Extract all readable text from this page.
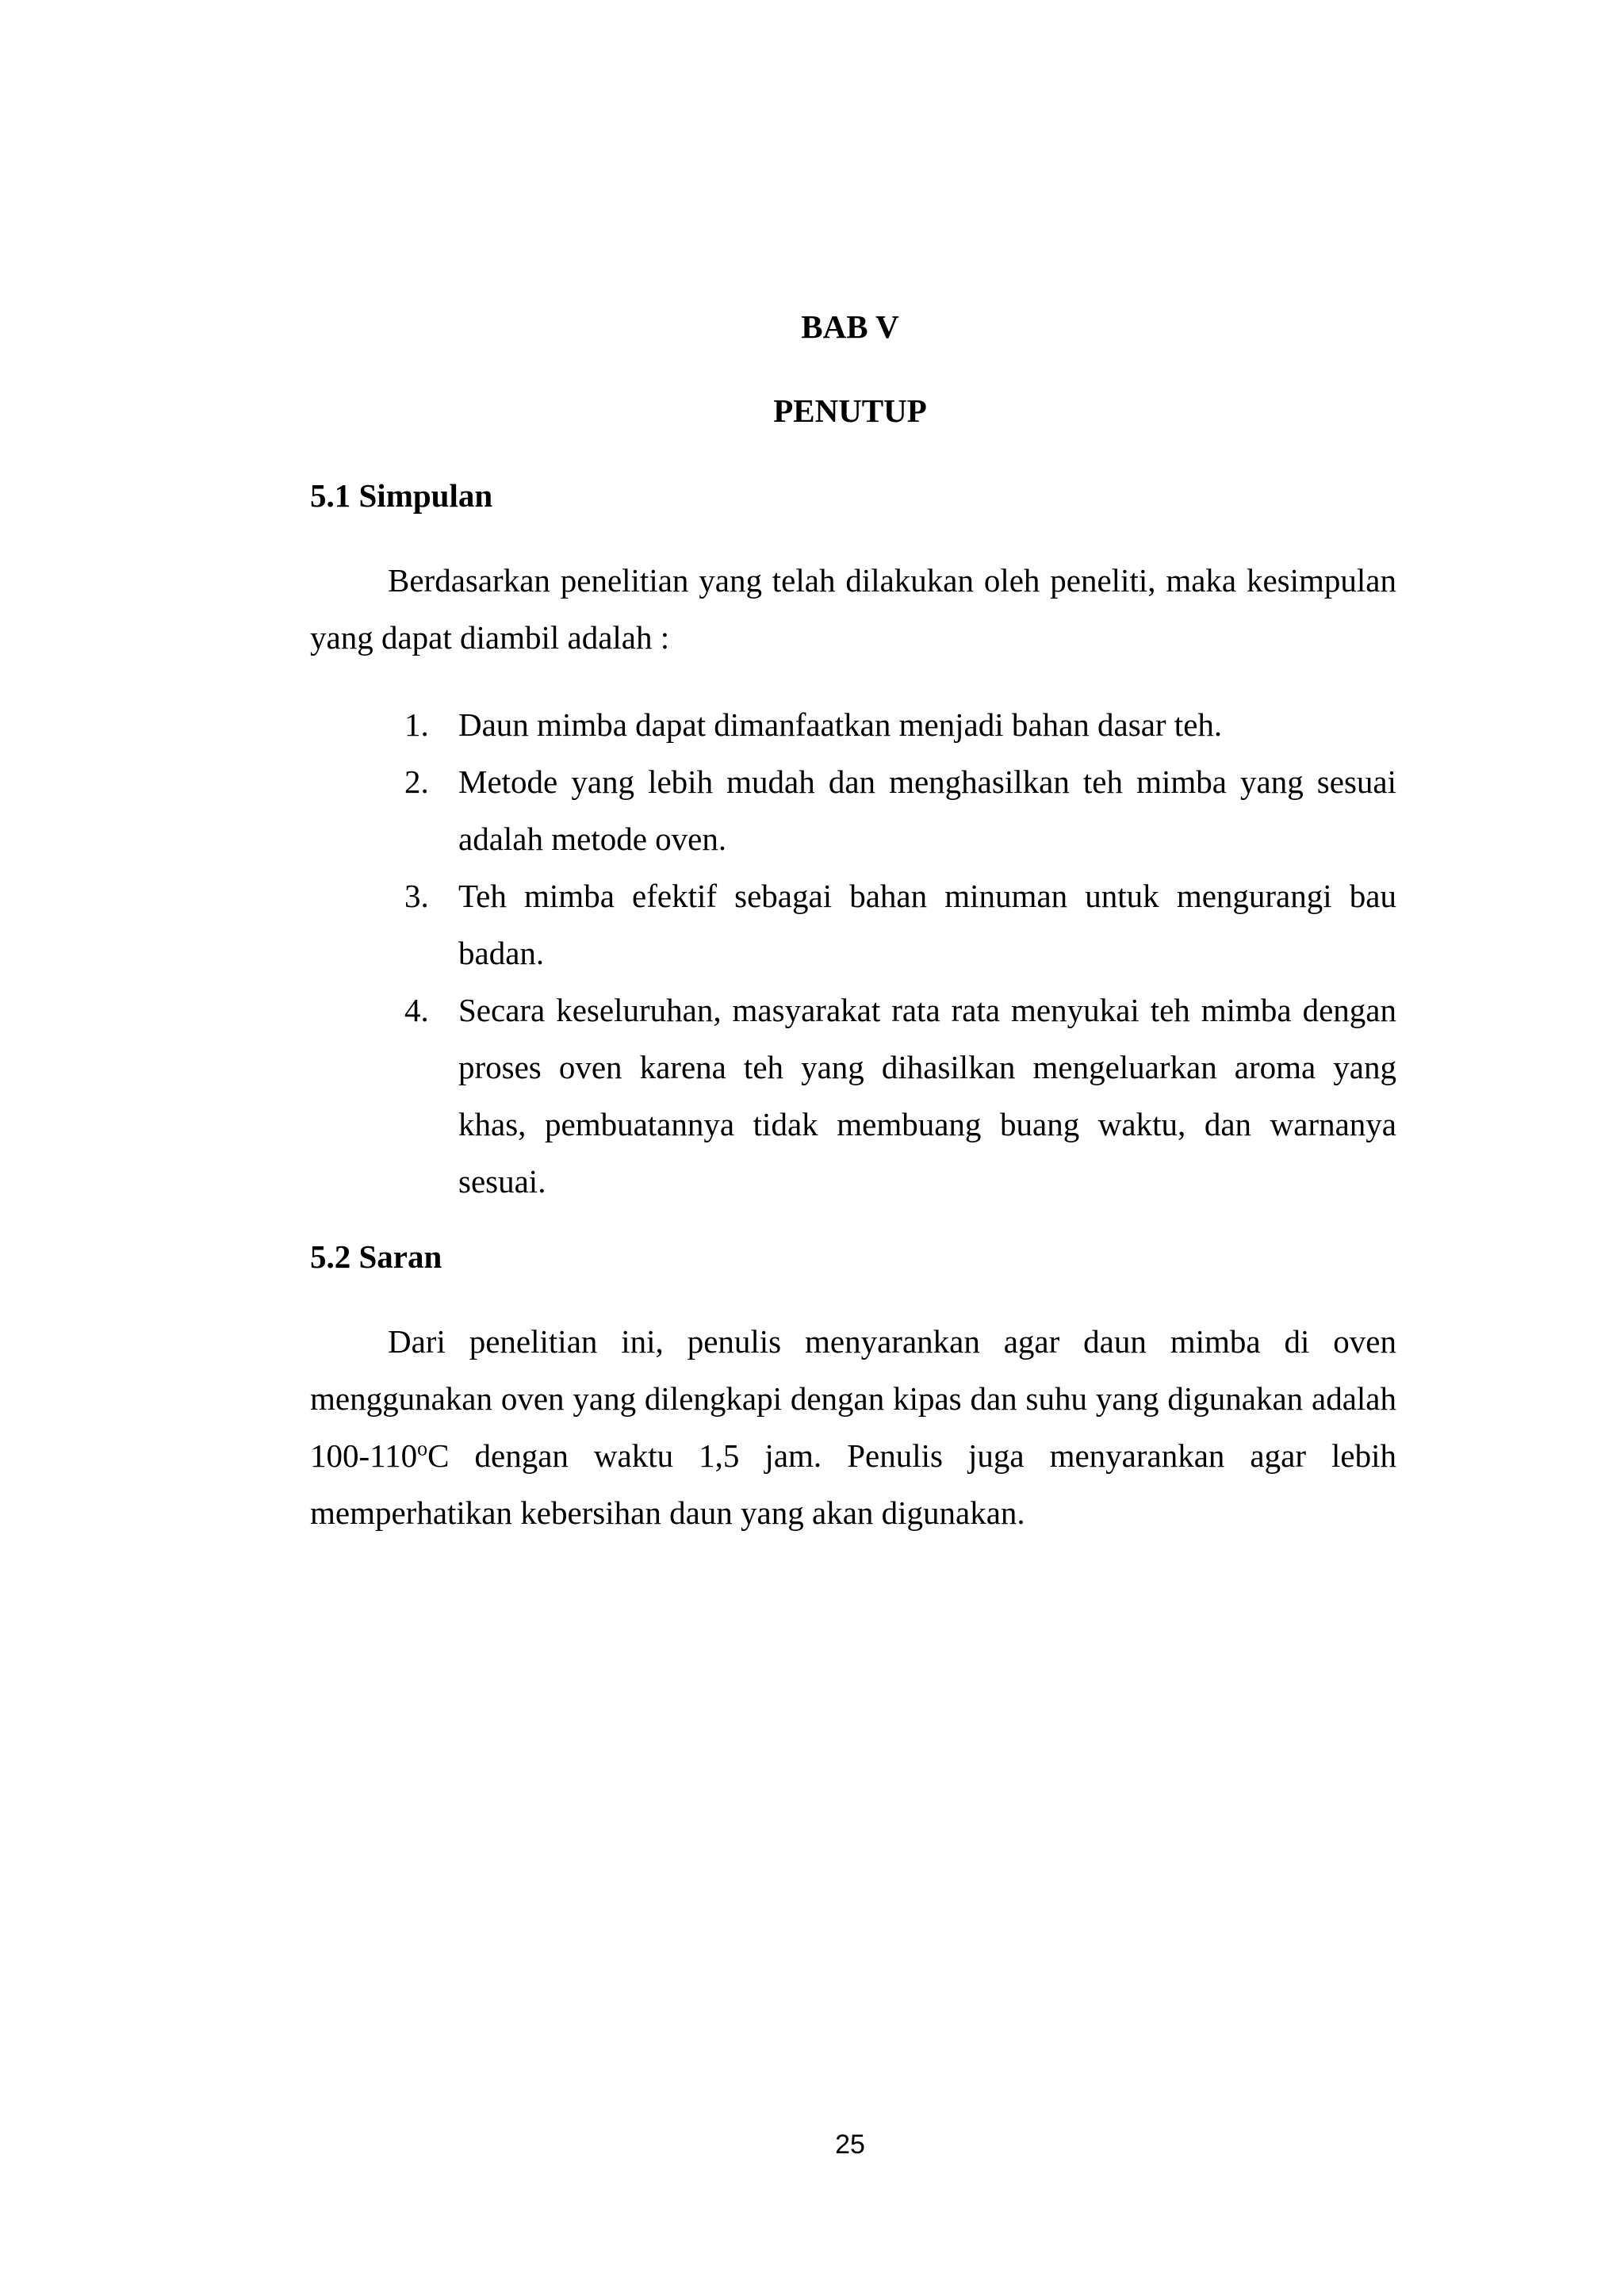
BAB V
PENUTUP
5.1 Simpulan

Berdasarkan penelitian yang telah dilakukan oleh peneliti, maka kesimpulan yang dapat diambil adalah :

1. Daun mimba dapat dimanfaatkan menjadi bahan dasar teh.
2. Metode yang lebih mudah dan menghasilkan teh mimba yang sesuai adalah metode oven.
3. Teh mimba efektif sebagai bahan minuman untuk mengurangi bau badan.
4. Secara keseluruhan, masyarakat rata rata menyukai teh mimba dengan proses oven karena teh yang dihasilkan mengeluarkan aroma yang khas, pembuatannya tidak membuang buang waktu, dan warnanya sesuai.
5.2 Saran

Dari penelitian ini, penulis menyarankan agar daun mimba di oven menggunakan oven yang dilengkapi dengan kipas dan suhu yang digunakan adalah 100-110$^o$C dengan waktu 1,5 jam. Penulis juga menyarankan agar lebih memperhatikan kebersihan daun yang akan digunakan.

25
